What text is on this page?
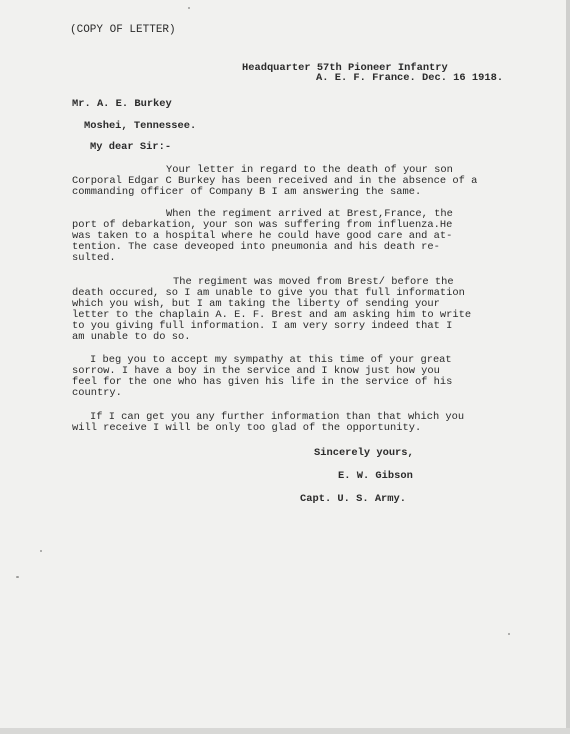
(COPY OF LETTER)
Headquarter 57th Pioneer Infantry
A. E. F. France. Dec. 16 1918.
Mr. A. E. Burkey
Moshei, Tennessee.
My dear Sir:-
Your letter in regard to the death of your son
Corporal Edgar C Burkey has been received and in the absence of a
commanding officer of Company B I am answering the same.
When the regiment arrived at Brest,France, the
port of debarkation, your son was suffering from influenza.He
was taken to a hospital where he could have good care and at-
tention. The case deveoped into pneumonia and his death re-
sulted.
The regiment was moved from Brest/ before the
death occured, so I am unable to give you that full information
which you wish, but I am taking the liberty of sending your
letter to the chaplain A. E. F. Brest and am asking him to write
to you giving full information. I am very sorry indeed that I
am unable to do so.
I beg you to accept my sympathy at this time of your great
sorrow. I have a boy in the service and I know just how you
feel for the one who has given his life in the service of his
country.
If I can get you any further information than that which you
will receive I will be only too glad of the opportunity.
Sincerely yours,
E. W. Gibson
Capt. U. S. Army.
